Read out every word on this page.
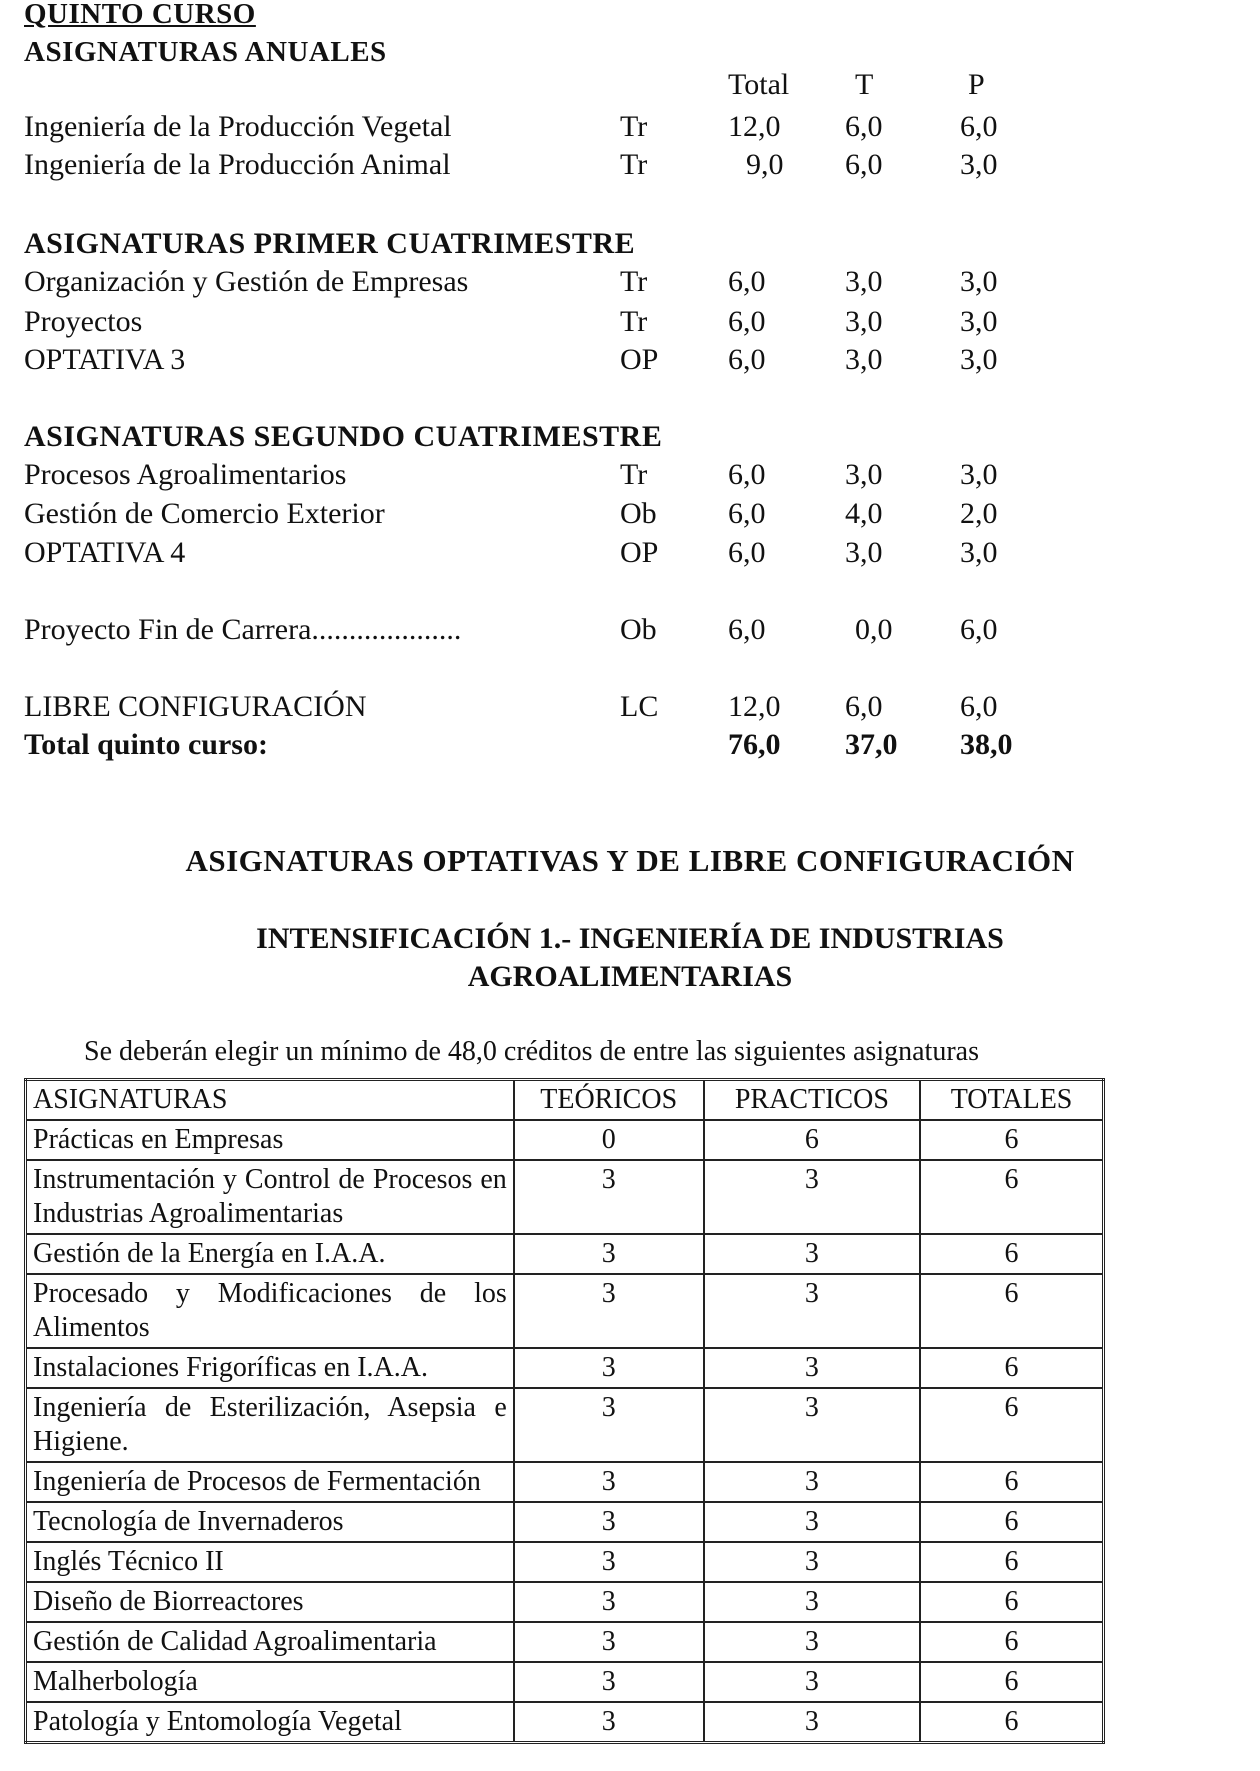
QUINTO CURSO
ASIGNATURAS ANUALES
Total T	P
Ingeniería de la Producción Vegetal	Tr	12,0 6,0	6,0
Ingeniería de la Producción Animal	Tr	9,0 6,0	3,0
ASIGNATURAS PRIMER CUATRIMESTRE
Organización y Gestión de Empresas	Tr	6,0	3,0	3,0
Proyectos	Tr	6,0	3,0	3,0
OPTATIVA 3	OP 6,0	3,0	3,0
ASIGNATURAS SEGUNDO CUATRIMESTRE
Procesos Agroalimentarios	Tr	6,0	3,0	3,0
Gestión de Comercio Exterior	Ob 6,0	4,0	2,0
OPTATIVA 4	OP 6,0	3,0	3,0
Proyecto Fin de Carrera....................	Ob 6,0	0,0 6,0
LIBRE CONFIGURACIÓN	LC 12,0 6,0	6,0
Total quinto curso:	76,0 37,0 38,0
ASIGNATURAS OPTATIVAS Y DE LIBRE CONFIGURACIÓN
INTENSIFICACIÓN 1.- INGENIERÍA DE INDUSTRIAS
AGROALIMENTARIAS
Se deberán elegir un mínimo de 48,0 créditos de entre las siguientes asignaturas
ASIGNATURAS	TEÓRICOS	PRACTICOS	TOTALES
Prácticas en Empresas	0	6	6
Instrumentación y Control de Procesos en Industrias Agroalimentarias	3	3	6
Gestión de la Energía en I.A.A.	3	3	6
Procesado y Modificaciones de los Alimentos	3	3	6
Instalaciones Frigoríficas en I.A.A.	3	3	6
Ingeniería de Esterilización, Asepsia e Higiene.	3	3	6
Ingeniería de Procesos de Fermentación	3	3	6
Tecnología de Invernaderos	3	3	6
Inglés Técnico II	3	3	6
Diseño de Biorreactores	3	3	6
Gestión de Calidad Agroalimentaria	3	3	6
Malherbología	3	3	6
Patología y Entomología Vegetal	3	3	6
